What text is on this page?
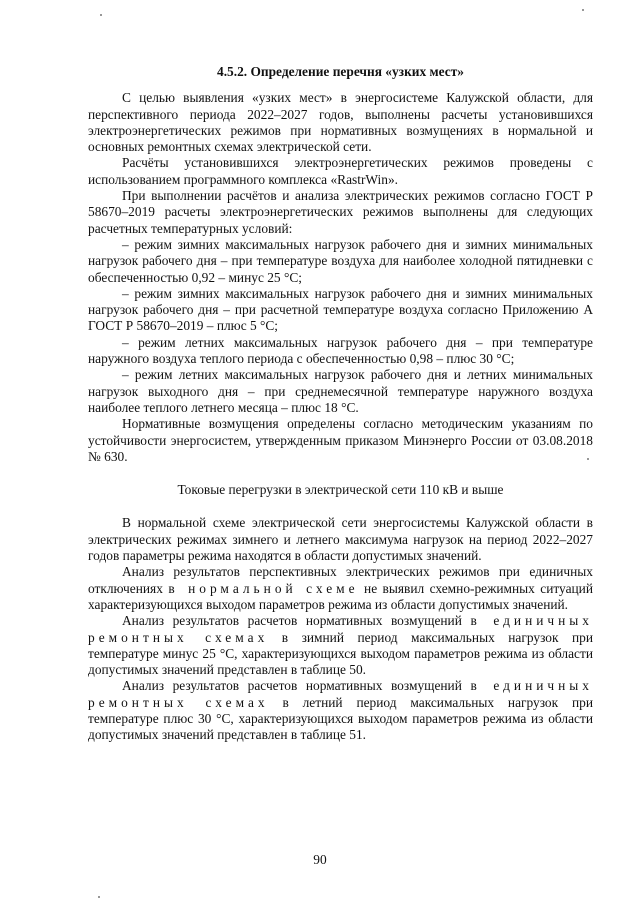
4.5.2. Определение перечня «узких мест»

С целью выявления «узких мест» в энергосистеме Калужской области, для перспективного периода 2022–2027 годов, выполнены расчеты установившихся электроэнергетических режимов при нормативных возмущениях в нормальной и основных ремонтных схемах электрической сети.

Расчёты установившихся электроэнергетических режимов проведены с использованием программного комплекса «RastrWin».

При выполнении расчётов и анализа электрических режимов согласно ГОСТ Р 58670–2019 расчеты электроэнергетических режимов выполнены для следующих расчетных температурных условий:

– режим зимних максимальных нагрузок рабочего дня и зимних минимальных нагрузок рабочего дня – при температуре воздуха для наиболее холодной пятидневки с обеспеченностью 0,92 – минус 25 °С;

– режим зимних максимальных нагрузок рабочего дня и зимних минимальных нагрузок рабочего дня – при расчетной температуре воздуха согласно Приложению А ГОСТ Р 58670–2019 – плюс 5 °С;

– режим летних максимальных нагрузок рабочего дня – при температуре наружного воздуха теплого периода с обеспеченностью 0,98 – плюс 30 °С;

– режим летних максимальных нагрузок рабочего дня и летних минимальных нагрузок выходного дня – при среднемесячной температуре наружного воздуха наиболее теплого летнего месяца – плюс 18 °С.

Нормативные возмущения определены согласно методическим указаниям по устойчивости энергосистем, утвержденным приказом Минэнерго России от 03.08.2018 № 630.

Токовые перегрузки в электрической сети 110 кВ и выше

В нормальной схеме электрической сети энергосистемы Калужской области в электрических режимах зимнего и летнего максимума нагрузок на период 2022–2027 годов параметры режима находятся в области допустимых значений.

Анализ результатов перспективных электрических режимов при единичных отключениях в нормальной схеме не выявил схемно-режимных ситуаций характеризующихся выходом параметров режима из области допустимых значений.

Анализ результатов расчетов нормативных возмущений в единичных ремонтных схемах в зимний период максимальных нагрузок при температуре минус 25 °С, характеризующихся выходом параметров режима из области допустимых значений представлен в таблице 50.

Анализ результатов расчетов нормативных возмущений в единичных ремонтных схемах в летний период максимальных нагрузок при температуре плюс 30 °С, характеризующихся выходом параметров режима из области допустимых значений представлен в таблице 51.

90
